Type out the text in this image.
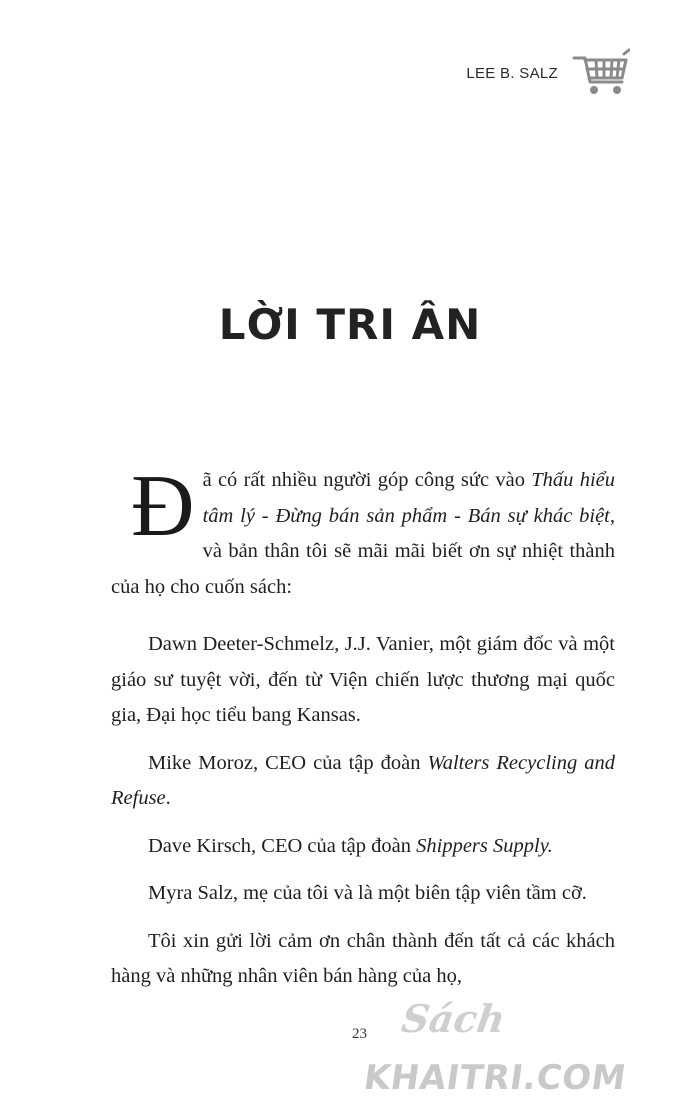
LEE B. SALZ
LỜI TRI ÂN

Đã có rất nhiều người góp công sức vào Thấu hiểu tâm lý - Đừng bán sản phẩm - Bán sự khác biệt, và bản thân tôi sẽ mãi mãi biết ơn sự nhiệt thành của họ cho cuốn sách:

Dawn Deeter-Schmelz, J.J. Vanier, một giám đốc và một giáo sư tuyệt vời, đến từ Viện chiến lược thương mại quốc gia, Đại học tiểu bang Kansas.

Mike Moroz, CEO của tập đoàn Walters Recycling and Refuse.

Dave Kirsch, CEO của tập đoàn Shippers Supply.

Myra Salz, mẹ của tôi và là một biên tập viên tầm cỡ.

Tôi xin gửi lời cảm ơn chân thành đến tất cả các khách hàng và những nhân viên bán hàng của họ,

23 Sách
KHAITRI.COM
